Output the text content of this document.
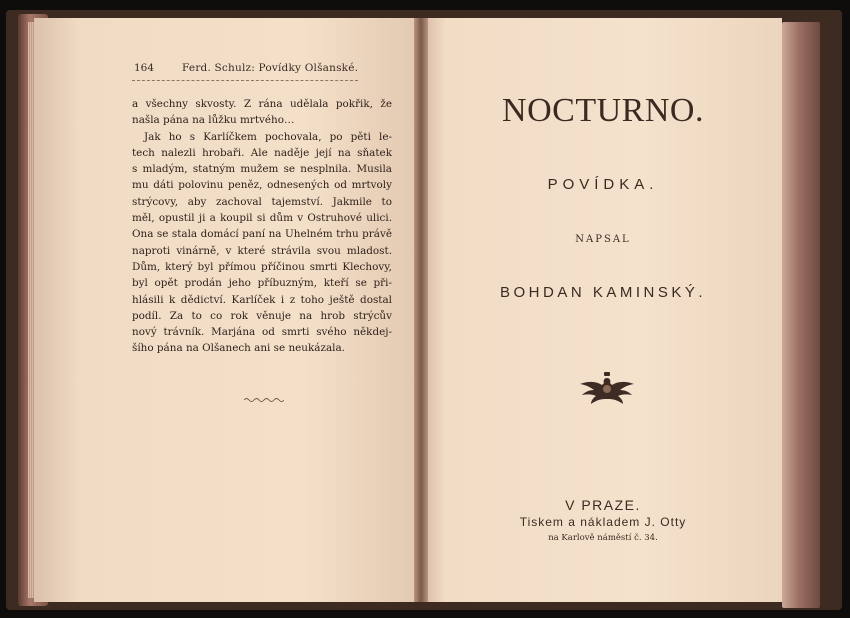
164	Ferd. Schulz: Povídky Olšanské.
a všechny skvosty. Z rána udělala pokřik, že
našla pána na lůžku mrtvého…
Jak ho s Karlíčkem pochovala, po pěti le-
tech nalezli hrobaři. Ale naděje její na sňatek
s mladým, statným mužem se nesplnila. Musila
mu dáti polovinu peněz, odnesených od mrtvoly
strýcovy, aby zachoval tajemství. Jakmile to
měl, opustil ji a koupil si dům v Ostruhové ulici.
Ona se stala domácí paní na Uhelném trhu právě
naproti vinárně, v které strávila svou mladost.
Dům, který byl přímou příčinou smrti Klechovy,
byl opět prodán jeho příbuzným, kteří se při-
hlásili k dědictví. Karlíček i z toho ještě dostal
podíl. Za to co rok věnuje na hrob strýcův
nový trávník. Marjána od smrti svého někdej-
šího pána na Olšanech ani se neukázala.
NOCTURNO.
POVÍDKA.
NAPSAL
BOHDAN KAMINSKÝ.
V PRAZE.
Tiskem a nákladem J. Otty
na Karlově náměstí č. 34.
